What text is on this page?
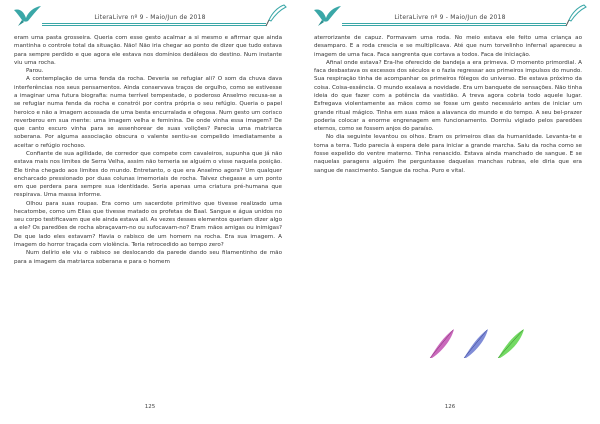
LiteraLivre nº 9 - Maio/Jun de 2018

eram uma pasta grosseira. Queria com esse gesto acalmar a si mesmo e afirmar que ainda mantinha o controle total da situação. Não! Não iria chegar ao ponto de dizer que tudo estava para sempre perdido e que agora ele estava nos domínios dedáleos do destino. Num instante viu uma rocha.

Parou.

A contemplação de uma fenda da rocha. Deveria se refugiar ali? O som da chuva dava interferências nos seus pensamentos. Ainda conservava traços de orgulho, como se estivesse a imaginar uma futura biografia: numa terrível tempestade, o poderoso Anselmo recusa-se a se refugiar numa fenda da rocha e constrói por contra própria o seu refúgio. Queria o papel heroico e não a imagem acossada de uma besta encurralada e ofegosa. Num gesto um corisco reverberou em sua mente: uma imagem velha e feminina. De onde vinha essa imagem? De que canto escuro vinha para se assenhorear de suas volições? Parecia uma matriarca soberana. Por alguma associação obscura o valente sentiu-se compelido imediatamente a aceitar o refúgio rochoso.

Confiante de sua agilidade, de corredor que compete com cavaleiros, supunha que já não estava mais nos limites de Serra Velha, assim não temeria se alguém o visse naquela posição. Ele tinha chegado aos limites do mundo. Entretanto, o que era Anselmo agora? Um qualquer encharcado pressionado por duas colunas imemoriais de rocha. Talvez chegasse a um ponto em que perdera para sempre sua identidade. Seria apenas uma criatura pré-humana que respirava. Uma massa informe.

Olhou para suas roupas. Era como um sacerdote primitivo que tivesse realizado uma hecatombe, como um Elias que tivesse matado os profetas de Baal. Sangue e água unidos no seu corpo testificavam que ele ainda estava ali. As vezes desses elementos queriam dizer algo a ele? Os paredões de rocha abraçavam-no ou sufocavam-no? Eram mãos amigas ou inimigas? De que lado eles estavam? Havia o rabisco de um homem na rocha. Era sua imagem. A imagem do horror traçada com violência. Teria retrocedido ao tempo zero?

Num delírio ele viu o rabisco se deslocando da parede dando seu filamentinho de mão para a imagem da matriarca soberana e para o homem

125
LiteraLivre nº 9 - Maio/Jun de 2018

aterrorizante de capuz. Formavam uma roda. No meio estava ele feito uma criança ao desamparo. E a roda crescia e se multiplicava. Até que num torvelinho infernal apareceu a imagem de uma faca. Faca sangrenta que cortava a todos. Faca de iniciação.

Afinal onde estava? Era-lhe oferecido de bandeja a era primeva. O momento primordial. A faca desbastava os excessos dos séculos e o fazia regressar aos primeiros impulsos do mundo. Sua respiração tinha de acompanhar os primeiros fôlegos do universo. Ele estava próximo da coisa. Coisa-essência. O mundo exalava a novidade. Era um banquete de sensações. Não tinha ideia do que fazer com a potência da vastidão. A treva agora cobria todo aquele lugar. Esfregava violentamente as mãos como se fosse um gesto necessário antes de iniciar um grande ritual mágico. Tinha em suas mãos a alavanca do mundo e do tempo. A seu bel-prazer poderia colocar a enorme engrenagem em funcionamento. Dormiu vigiado pelos paredões eternos, como se fossem anjos do paraíso.

No dia seguinte levantou os olhos. Eram os primeiros dias da humanidade. Levanta-te e toma a terra. Tudo parecia à espera dele para iniciar a grande marcha. Saiu da rocha como se fosse expelido do ventre materno. Tinha renascido. Estava ainda manchado de sangue. E se naquelas paragens alguém lhe perguntasse daquelas manchas rubras, ele diria que era sangue de nascimento. Sangue da rocha. Puro e vital.

126
